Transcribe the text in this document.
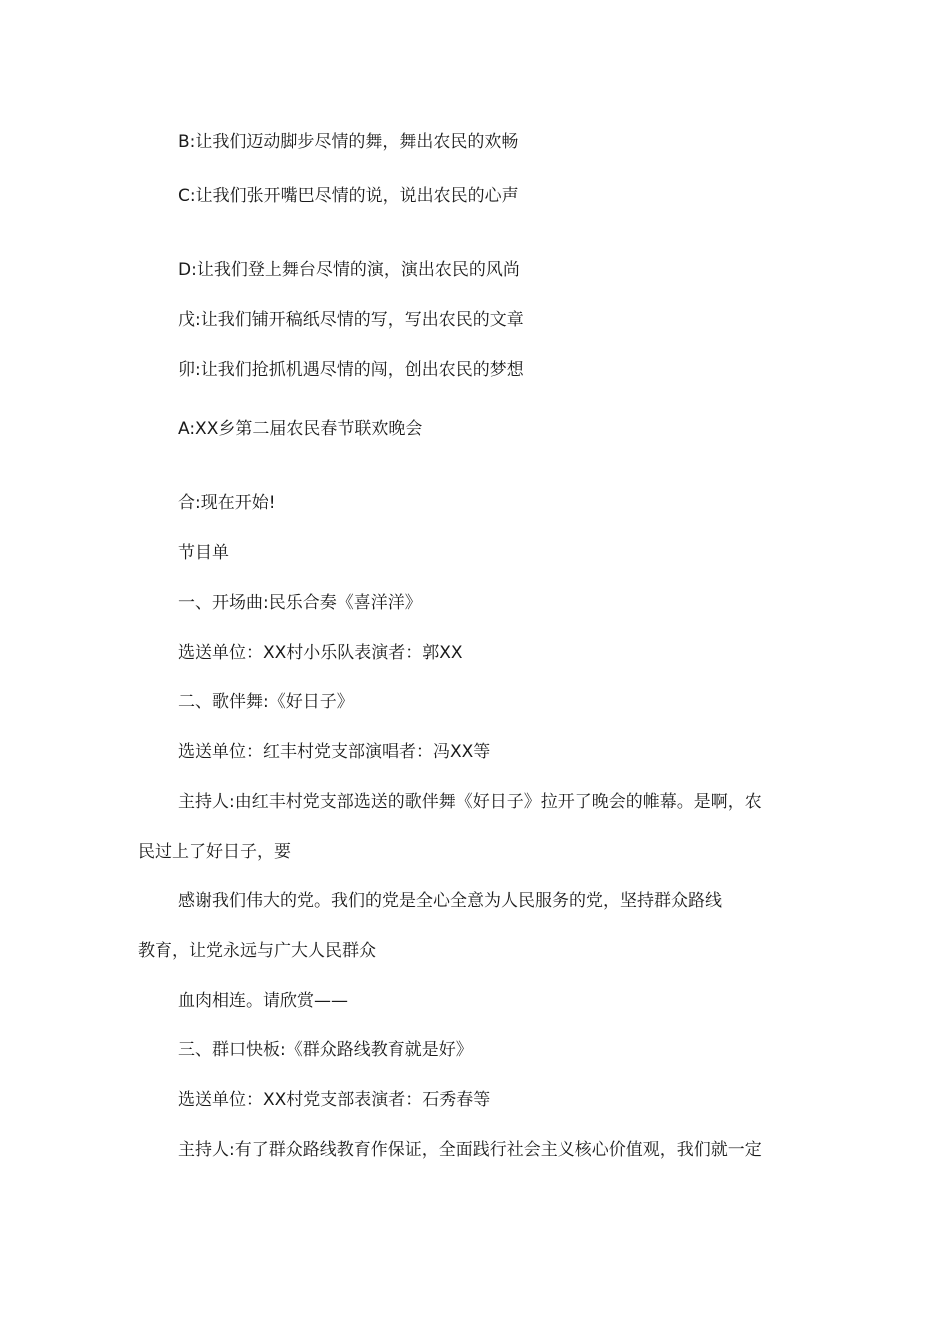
B:让我们迈动脚步尽情的舞，舞出农民的欢畅

C:让我们张开嘴巴尽情的说，说出农民的心声

D:让我们登上舞台尽情的演，演出农民的风尚

戊:让我们铺开稿纸尽情的写，写出农民的文章

卯:让我们抢抓机遇尽情的闯，创出农民的梦想

A:XX乡第二届农民春节联欢晚会

合:现在开始!

节目单

一、开场曲:民乐合奏《喜洋洋》

选送单位：XX村小乐队表演者：郭XX

二、歌伴舞:《好日子》

选送单位：红丰村党支部演唱者：冯XX等

主持人:由红丰村党支部选送的歌伴舞《好日子》拉开了晚会的帷幕。是啊，农

民过上了好日子，要

感谢我们伟大的党。我们的党是全心全意为人民服务的党，坚持群众路线

教育，让党永远与广大人民群众

血肉相连。请欣赏——

三、群口快板:《群众路线教育就是好》

选送单位：XX村党支部表演者：石秀春等

主持人:有了群众路线教育作保证，全面践行社会主义核心价值观，我们就一定
